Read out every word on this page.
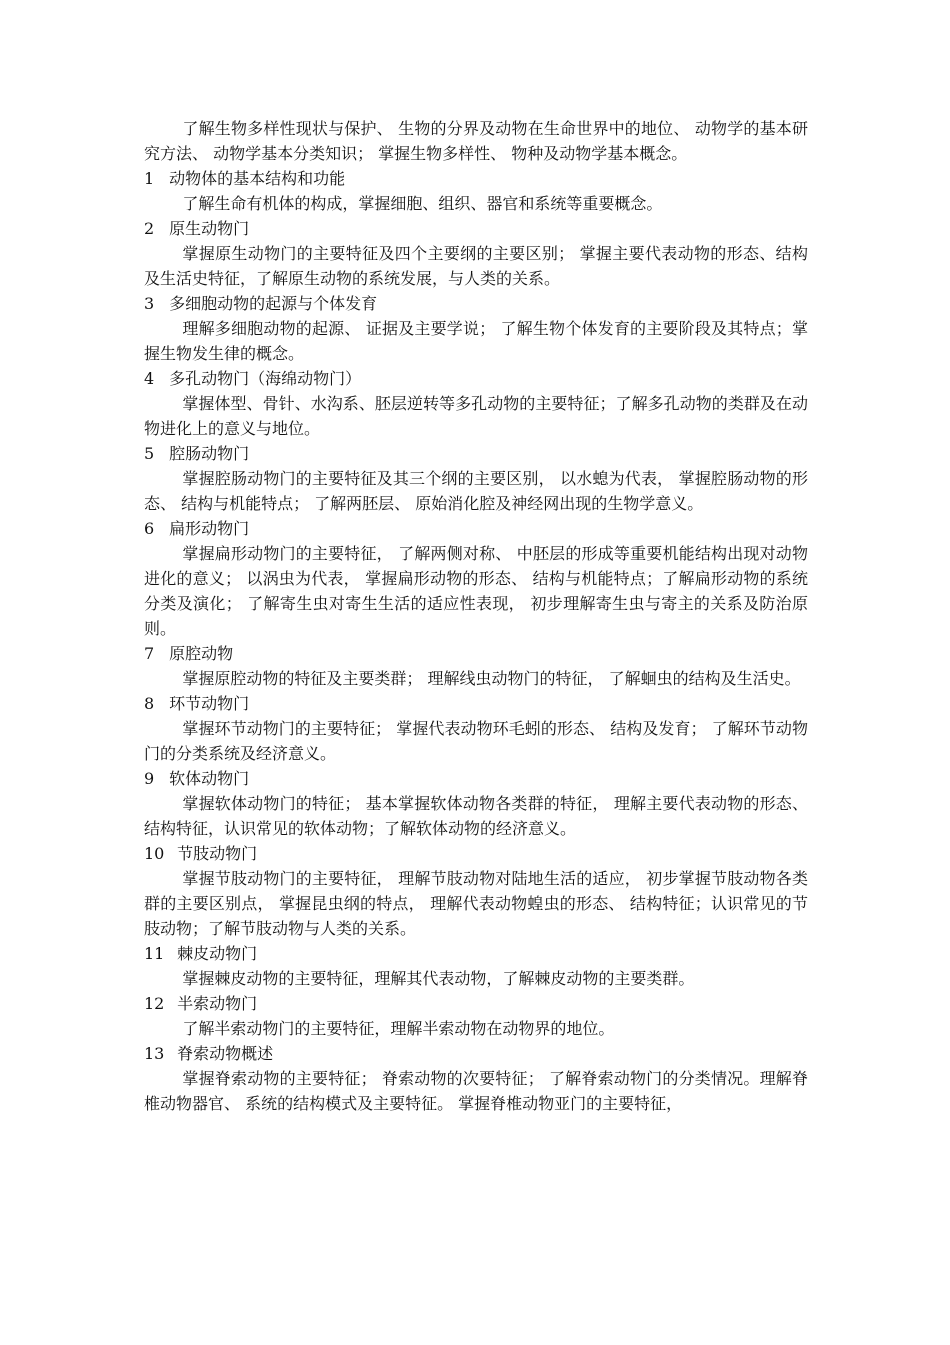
了解生物多样性现状与保护、 生物的分界及动物在生命世界中的地位、 动物学的基本研究方法、 动物学基本分类知识； 掌握生物多样性、 物种及动物学基本概念。

1 动物体的基本结构和功能

了解生命有机体的构成，掌握细胞、组织、器官和系统等重要概念。

2 原生动物门

掌握原生动物门的主要特征及四个主要纲的主要区别； 掌握主要代表动物的形态、结构及生活史特征，了解原生动物的系统发展，与人类的关系。

3 多细胞动物的起源与个体发育

理解多细胞动物的起源、 证据及主要学说； 了解生物个体发育的主要阶段及其特点；掌握生物发生律的概念。

4 多孔动物门（海绵动物门）

掌握体型、骨针、水沟系、胚层逆转等多孔动物的主要特征；了解多孔动物的类群及在动物进化上的意义与地位。

5 腔肠动物门

掌握腔肠动物门的主要特征及其三个纲的主要区别， 以水螅为代表， 掌握腔肠动物的形态、 结构与机能特点； 了解两胚层、 原始消化腔及神经网出现的生物学意义。

6 扁形动物门

掌握扁形动物门的主要特征， 了解两侧对称、 中胚层的形成等重要机能结构出现对动物进化的意义； 以涡虫为代表， 掌握扁形动物的形态、 结构与机能特点；了解扁形动物的系统分类及演化； 了解寄生虫对寄生生活的适应性表现， 初步理解寄生虫与寄主的关系及防治原则。

7 原腔动物

掌握原腔动物的特征及主要类群； 理解线虫动物门的特征， 了解蛔虫的结构及生活史。

8 环节动物门

掌握环节动物门的主要特征； 掌握代表动物环毛蚓的形态、 结构及发育； 了解环节动物门的分类系统及经济意义。

9 软体动物门

掌握软体动物门的特征； 基本掌握软体动物各类群的特征， 理解主要代表动物的形态、结构特征，认识常见的软体动物；了解软体动物的经济意义。

10 节肢动物门

掌握节肢动物门的主要特征， 理解节肢动物对陆地生活的适应， 初步掌握节肢动物各类群的主要区别点， 掌握昆虫纲的特点， 理解代表动物蝗虫的形态、 结构特征；认识常见的节肢动物；了解节肢动物与人类的关系。

11 棘皮动物门

掌握棘皮动物的主要特征，理解其代表动物，了解棘皮动物的主要类群。

12 半索动物门

了解半索动物门的主要特征，理解半索动物在动物界的地位。

13 脊索动物概述

掌握脊索动物的主要特征； 脊索动物的次要特征； 了解脊索动物门的分类情况。理解脊椎动物器官、 系统的结构模式及主要特征。 掌握脊椎动物亚门的主要特征，
